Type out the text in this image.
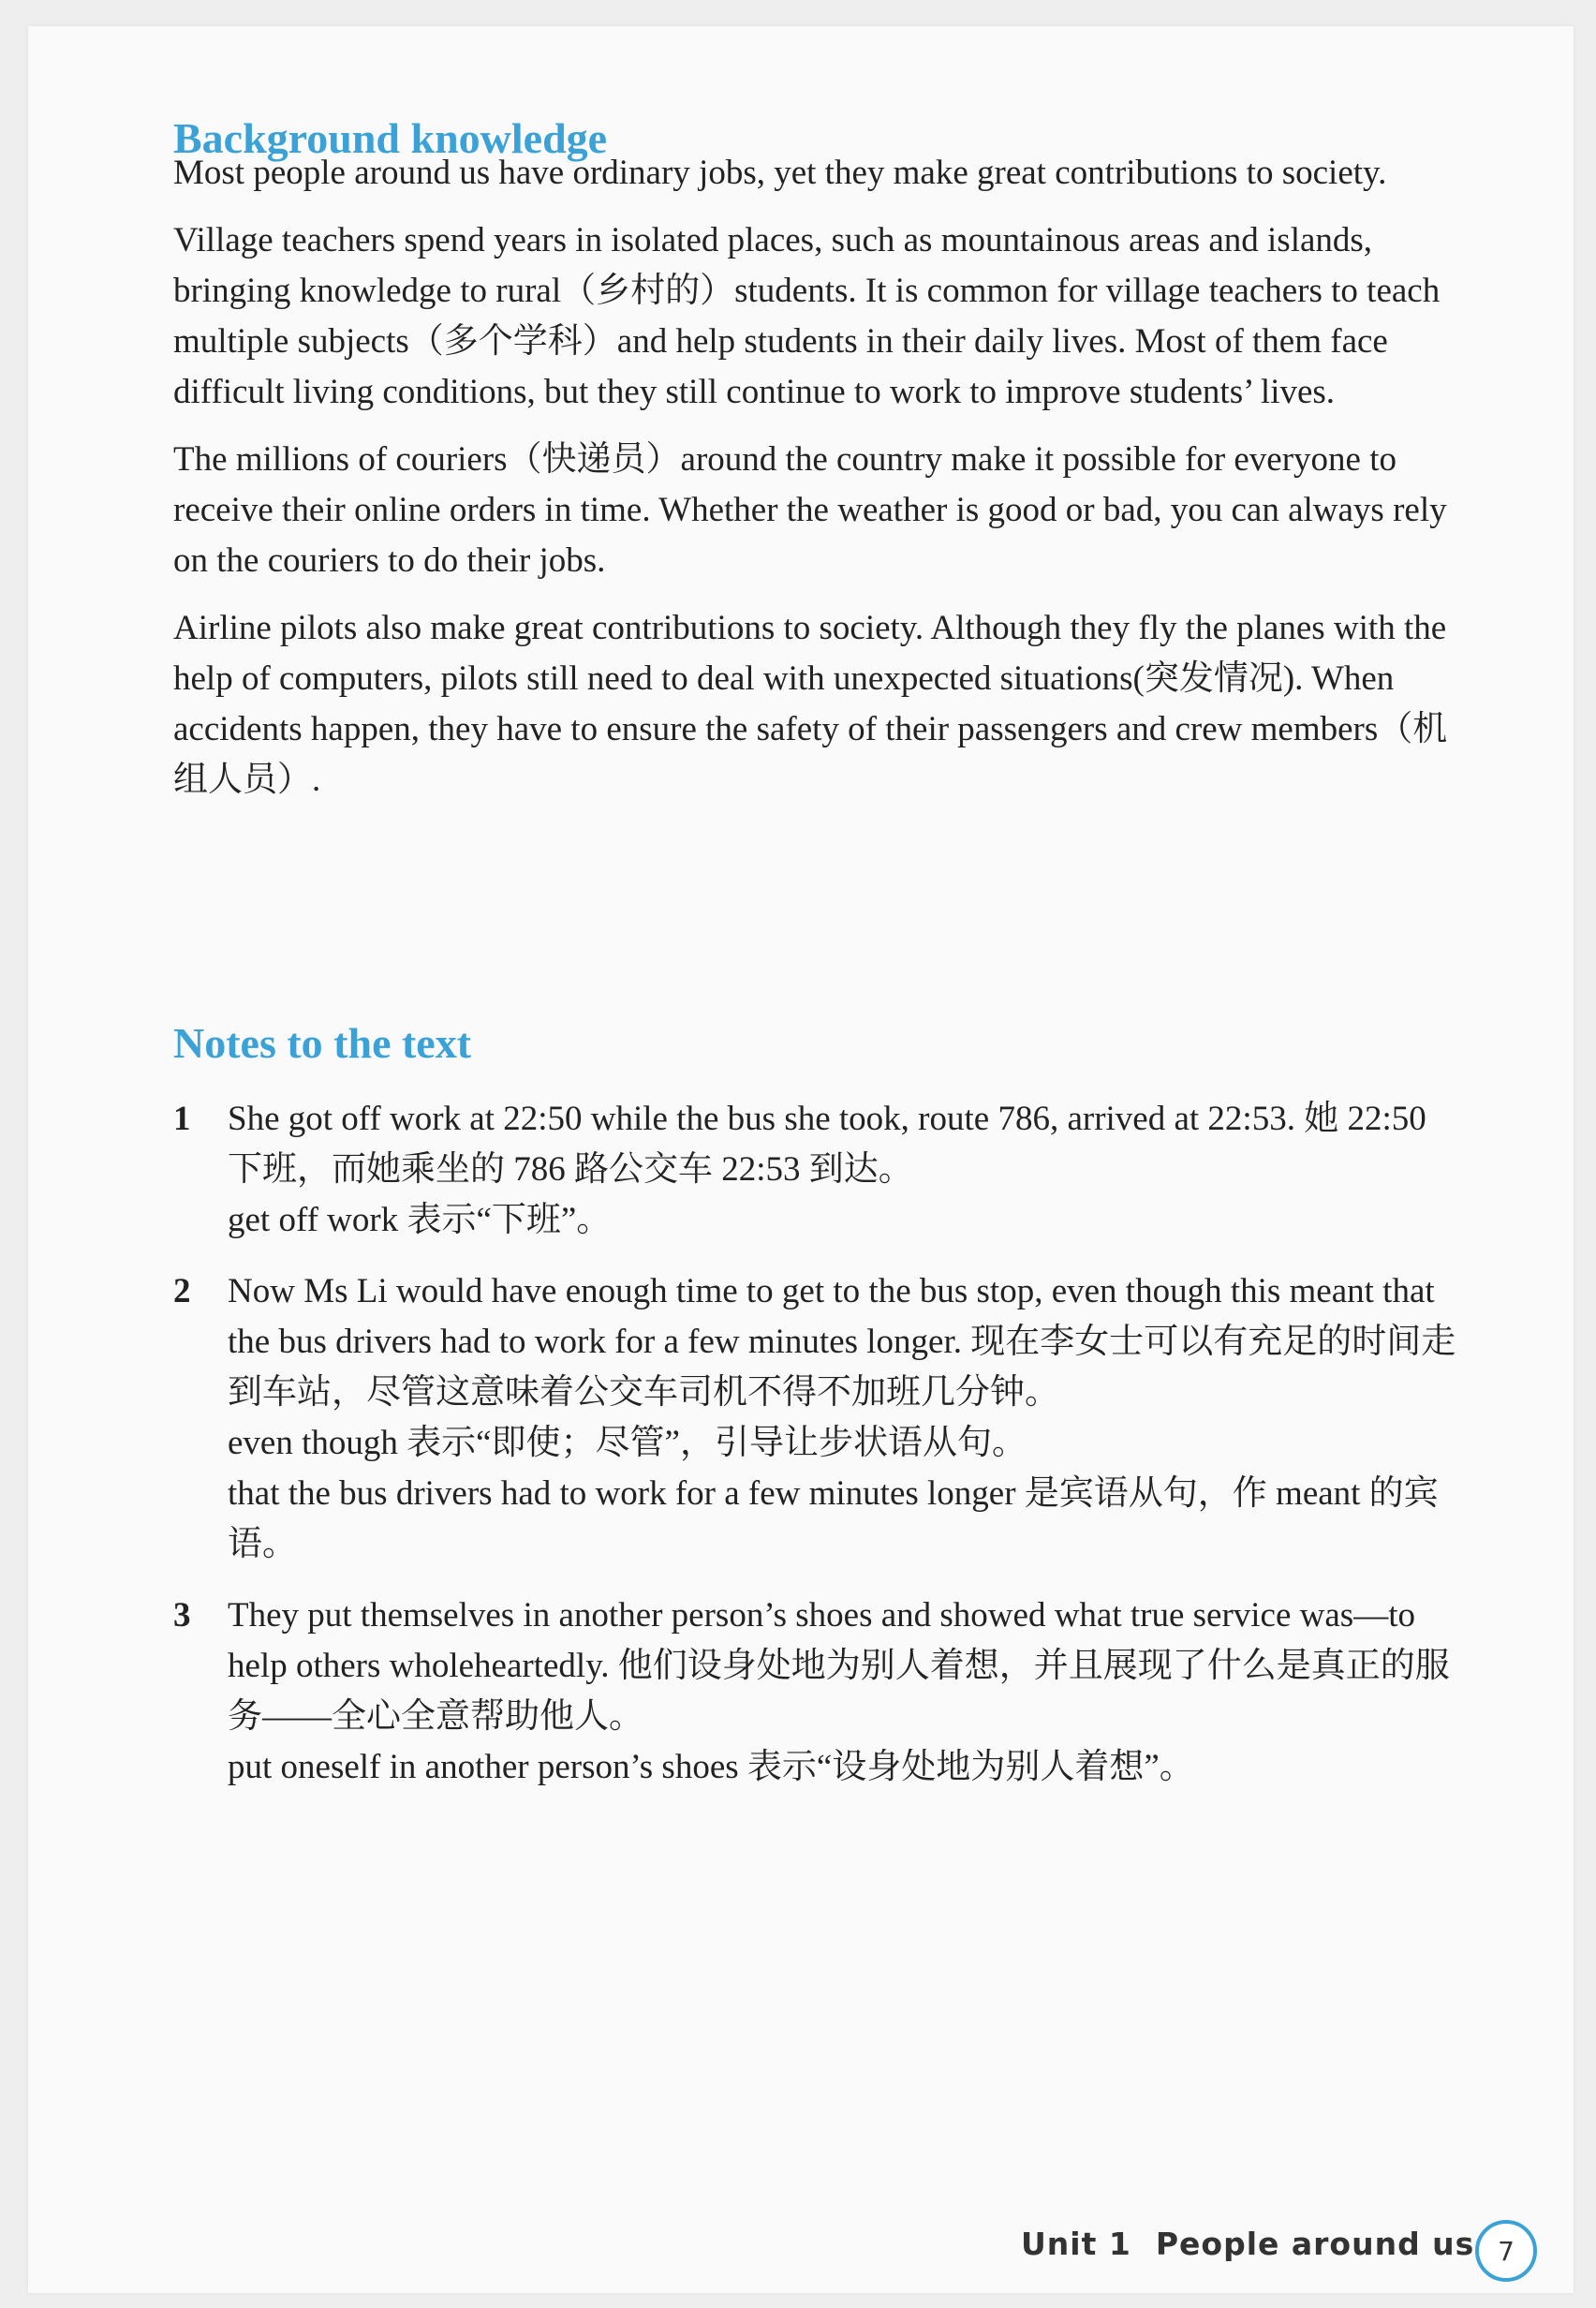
Background knowledge

Most people around us have ordinary jobs, yet they make great contributions to society.

Village teachers spend years in isolated places, such as mountainous areas and islands, bringing knowledge to rural（乡村的）students. It is common for village teachers to teach multiple subjects（多个学科）and help students in their daily lives. Most of them face difficult living conditions, but they still continue to work to improve students’ lives.

The millions of couriers（快递员）around the country make it possible for everyone to receive their online orders in time. Whether the weather is good or bad, you can always rely on the couriers to do their jobs.

Airline pilots also make great contributions to society. Although they fly the planes with the help of computers, pilots still need to deal with unexpected situations(突发情况). When accidents happen, they have to ensure the safety of their passengers and crew members（机组人员）.

Notes to the text
1 She got off work at 22:50 while the bus she took, route 786, arrived at 22:53. 她 22:50 下班，而她乘坐的 786 路公交车 22:53 到达。
get off work 表示“下班”。
2 Now Ms Li would have enough time to get to the bus stop, even though this meant that the bus drivers had to work for a few minutes longer. 现在李女士可以有充足的时间走到车站，尽管这意味着公交车司机不得不加班几分钟。
even though 表示“即使；尽管”，引导让步状语从句。
that the bus drivers had to work for a few minutes longer 是宾语从句，作 meant 的宾语。
3 They put themselves in another person’s shoes and showed what true service was—to help others wholeheartedly. 他们设身处地为别人着想，并且展现了什么是真正的服务——全心全意帮助他人。
put oneself in another person’s shoes 表示“设身处地为别人着想”。
Unit 1 People around us 7
